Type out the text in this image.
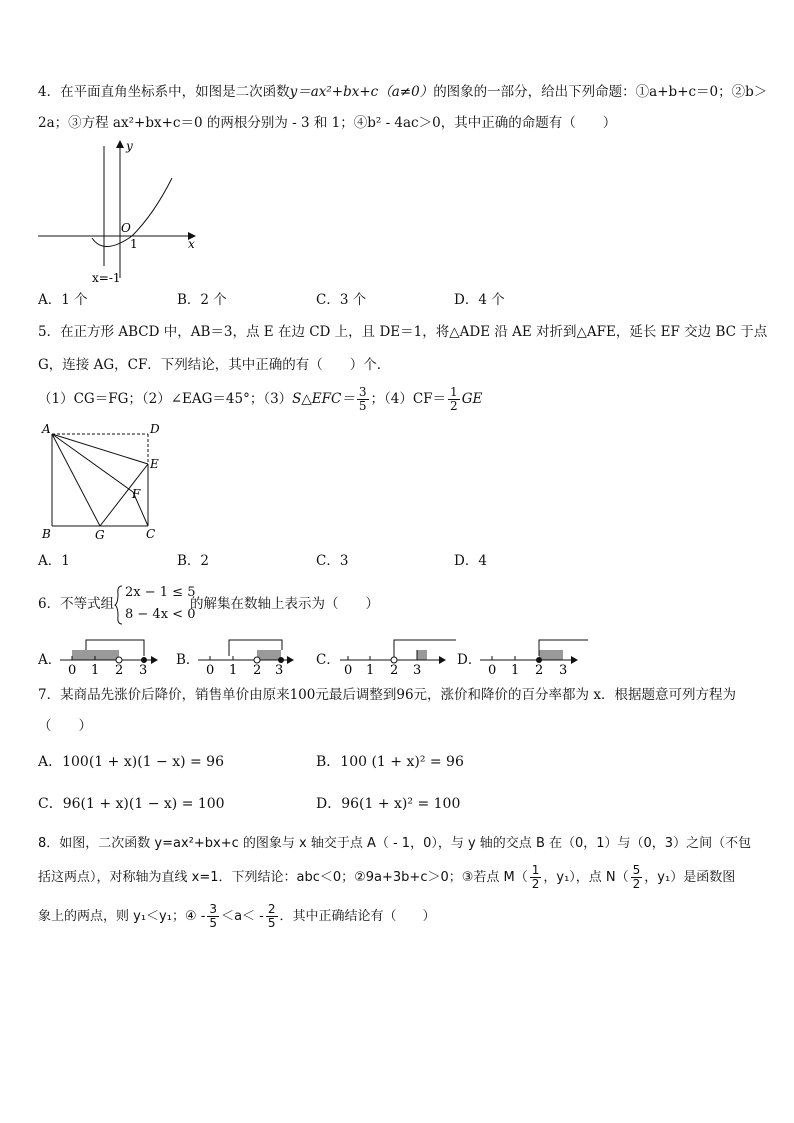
4．在平面直角坐标系中，如图是二次函数y＝ax²+bx+c（a≠0）的图象的一部分，给出下列命题：①a+b+c＝0；②b＞
2a；③方程 ax²+bx+c＝0 的两根分别为 - 3 和 1；④b² - 4ac＞0，其中正确的命题有（　　）
y
x
O
1
x=-1
A．1 个	B．2 个	C．3 个	D．4 个
5．在正方形 ABCD 中，AB＝3，点 E 在边 CD 上，且 DE＝1，将△ADE 沿 AE 对折到△AFE，延长 EF 交边 BC 于点
G，连接 AG，CF．下列结论，其中正确的有（　　）个．
（1）CG＝FG；（2）∠EAG＝45°；（3）S△EFC＝ $\frac{3}{5}$ ；$(4)CF= \frac{1}{2}$ GE
A	D
E
F
B	G	C
A．1	B．2	C．3	D．4
6．不等式组
2x − 1 ≤ 5
8 − 4x < 0
的解集在数轴上表示为（　　）
A．
0 1 2 3
B．
0 1 2 3
C．
0 1 2 3
D．
0 1 2 3
7．某商品先涨价后降价，销售单价由原来100元最后调整到96元，涨价和降价的百分率都为 x．根据题意可列方程为
（　　）
A．100(1 + x)(1 − x) = 96	B．100 (1 + x)² = 96
C．96(1 + x)(1 − x) = 100	D．96(1 + x)² = 100
8．如图，二次函数 y=ax²+bx+c 的图象与 x 轴交于点 A（ - 1，0），与 y 轴的交点 B 在（0，1）与（0，3）之间（不包
括这两点），对称轴为直线 x=1．下列结论：abc＜0；②9a+3b+c＞0；③若点 $M( \frac{1}{2}$ ，y₁），点 $N( \frac{5}{2}$ ，y₁）是函数图
象上的两点，则 y₁＜y₁；④ - $\frac{3}{5} <a< - \frac{2}{5}$ ．其中正确结论有（　　）
